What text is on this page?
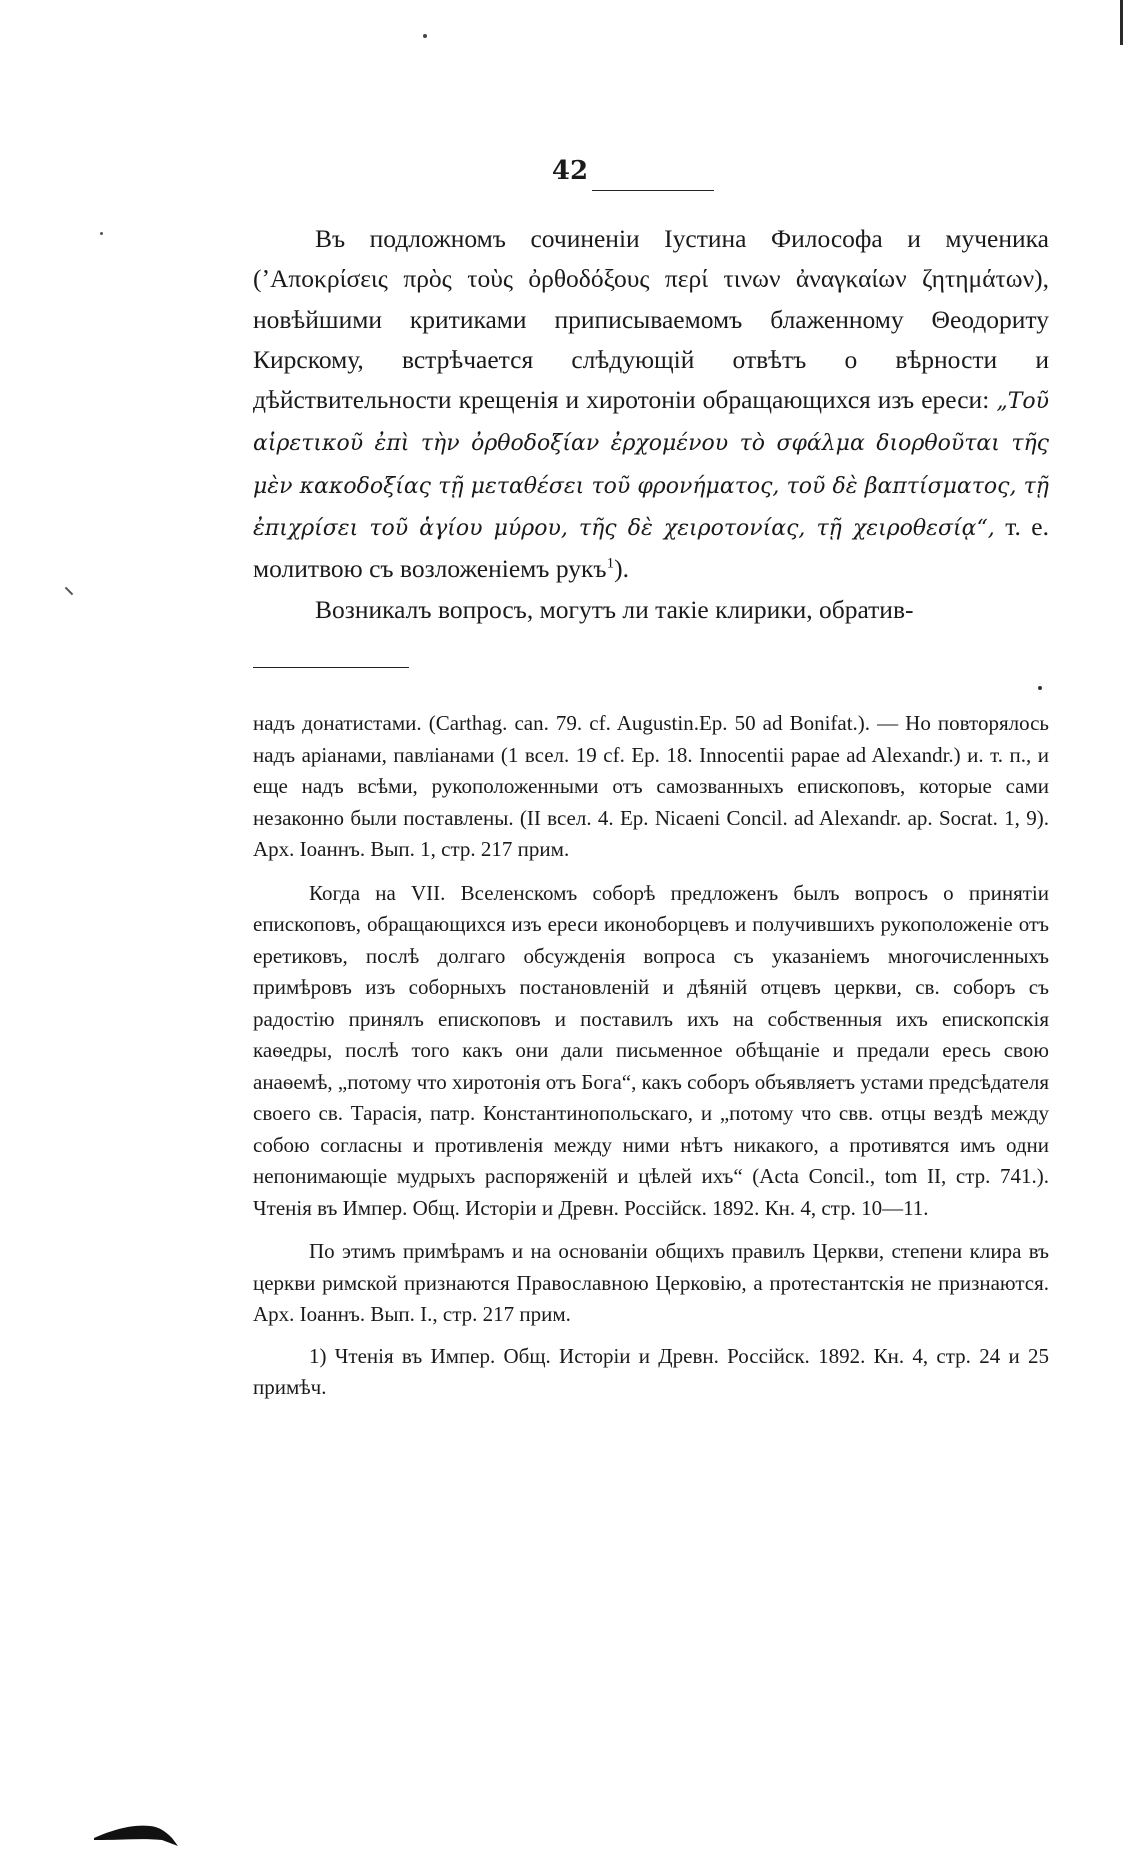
42

Въ подложномъ сочиненіи Іустина Философа и мученика (ʼАποκρίσεις πρὸς τοὺς ὀρθοδόξους περί τινων ἀναγκαίων ζητημάτων), новѣйшими критиками приписываемомъ блаженному Θеодориту Кирскому, встрѣчается слѣдующій отвѣтъ о вѣрности и дѣйствительности крещенія и хиротоніи обращающихся изъ ереси: „Τοῦ αἱρετικοῦ ἐπὶ τὴν ὀρθοδοξίαν ἐρχομένου τὸ σφάλμα διορθοῦται τῆς μὲν κακοδοξίας τῇ μεταθέσει τοῦ φρονήματος, τοῦ δὲ βαπτίσματος, τῇ ἐπιχρίσει τοῦ ἁγίου μύρου, τῆς δὲ χειροτονίας, τῇ χειροθεσίᾳ“, т. е. молитвою съ возложеніемъ рукъ$^1$).

Возникалъ вопросъ, могутъ ли такіе клирики, обратив-

надъ донатистами. (Carthag. can. 79. cf. Augustin.Ep. 50 ad Bonifat.). — Но повторялось надъ аріанами, павліанами (1 всел. 19 cf. Ep. 18. Innocentii papae ad Alexandr.) и. т. п., и еще надъ всѣми, рукоположенными отъ самозванныхъ епископовъ, которые сами незаконно были поставлены. (II всел. 4. Ep. Nicaeni Concil. ad Alexandr. ap. Socrat. 1, 9). Арх. Іоаннъ. Вып. 1, стр. 217 прим.

Когда на VII. Вселенскомъ соборѣ предложенъ былъ вопросъ о принятіи епископовъ, обращающихся изъ ереси иконоборцевъ и получившихъ рукоположеніе отъ еретиковъ, послѣ долгаго обсужденія вопроса съ указаніемъ многочисленныхъ примѣровъ изъ соборныхъ постановленій и дѣяній отцевъ церкви, св. соборъ съ радостію принялъ епископовъ и поставилъ ихъ на собственныя ихъ епископскія каѳедры, послѣ того какъ они дали письменное обѣщаніе и предали ересь свою анаѳемѣ, „потому что хиротонія отъ Бога“, какъ соборъ объявляетъ устами предсѣдателя своего св. Тарасія, патр. Константинопольскаго, и „потому что свв. отцы вездѣ между собою согласны и противленія между ними нѣтъ никакого, а противятся имъ одни непонимающіе мудрыхъ распоряженій и цѣлей ихъ“ (Acta Concil., tom II, стр. 741.). Чтенія въ Импер. Общ. Исторіи и Древн. Россійск. 1892. Кн. 4, стр. 10—11.

По этимъ примѣрамъ и на основаніи общихъ правилъ Церкви, степени клира въ церкви римской признаются Православною Церковію, а протестантскія не признаются. Арх. Іоаннъ. Вып. I., стр. 217 прим.

1) Чтенія въ Импер. Общ. Исторіи и Древн. Россійск. 1892. Кн. 4, стр. 24 и 25 примѣч.
